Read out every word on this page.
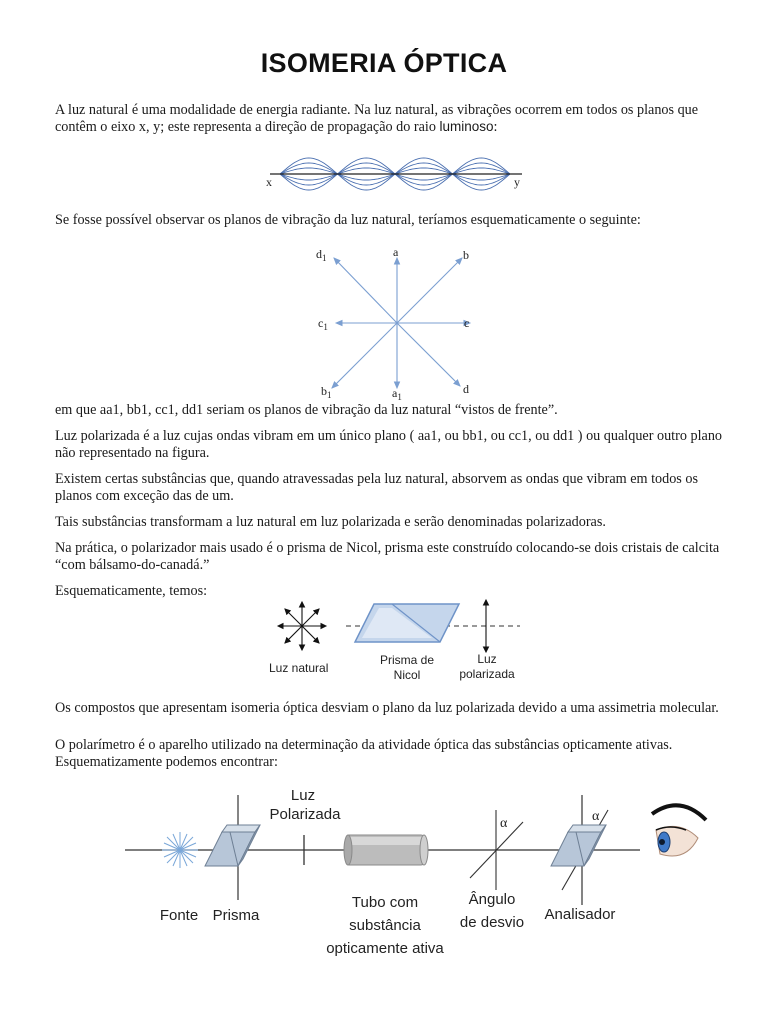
ISOMERIA ÓPTICA

A luz natural é uma modalidade de energia radiante. Na luz natural, as vibrações ocorrem em todos os planos que contêm o eixo x, y; este representa a direção de propagação do raio luminoso:

x	y

Se fosse possível observar os planos de vibração da luz natural, teríamos esquematicamente o seguinte:

a	b
c
d
$d_1$
$c_1$
$b_1$	$a_1$

em que aa1, bb1, cc1, dd1 seriam os planos de vibração da luz natural “vistos de frente”.

Luz polarizada é a luz cujas ondas vibram em um único plano ( aa1, ou bb1, ou cc1, ou dd1 ) ou qualquer outro plano não representado na figura.

Existem certas substâncias que, quando atravessadas pela luz natural, absorvem as ondas que vibram em todos os planos com exceção das de um.

Tais substâncias transformam a luz natural em luz polarizada e serão denominadas polarizadoras.

Na prática, o polarizador mais usado é o prisma de Nicol, prisma este construído colocando-se dois cristais de calcita “com bálsamo-do-canadá.”

Esquematicamente, temos:

Luz natural
Prisma de
Nicol
Luz
polarizada

Os compostos que apresentam isomeria óptica desviam o plano da luz polarizada devido a uma assimetria molecular.

O polarímetro é o aparelho utilizado na determinação da atividade óptica das substâncias opticamente ativas.

Esquematizamente podemos encontrar:

α	α
Luz
Polarizada
Fonte Prisma
Tubo com
substância
opticamente ativa
Ângulo
de desvio Analisador
